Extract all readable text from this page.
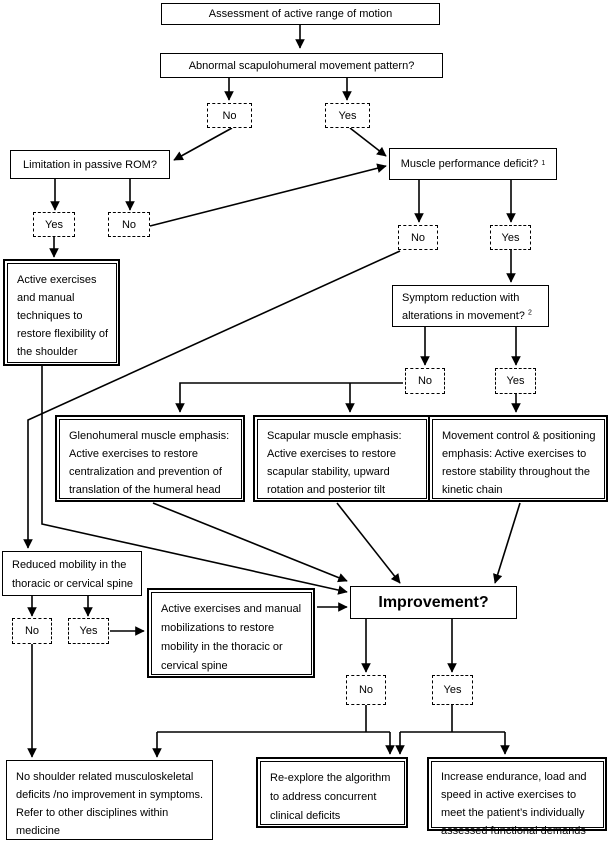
Assessment of active range of motion
Abnormal scapulohumeral movement pattern?
Limitation in passive ROM?	Muscle performance deficit?
1
Active exercises and manual techniques to restore flexibility of the shoulder
Symptom reduction with alterations in movement? $^2$
Glenohumeral muscle emphasis: Active exercises to restore centralization and prevention of translation of the humeral head
Scapular muscle emphasis: Active exercises to restore scapular stability, upward rotation and posterior tilt
Movement control & positioning emphasis: Active exercises to restore stability throughout the kinetic chain
Reduced mobility in the thoracic or cervical spine
Active exercises and manual mobilizations to restore mobility in the thoracic or cervical spine
Improvement?
No shoulder related musculoskeletal deficits /no improvement in symptoms. Refer to other disciplines within medicine
Re-explore the algorithm to address concurrent clinical deficits
Increase endurance, load and speed in active exercises to meet the patient’s individually assessed functional demands
No	Yes
Yes	No
No	Yes
No	Yes
No	Yes
No	Yes
